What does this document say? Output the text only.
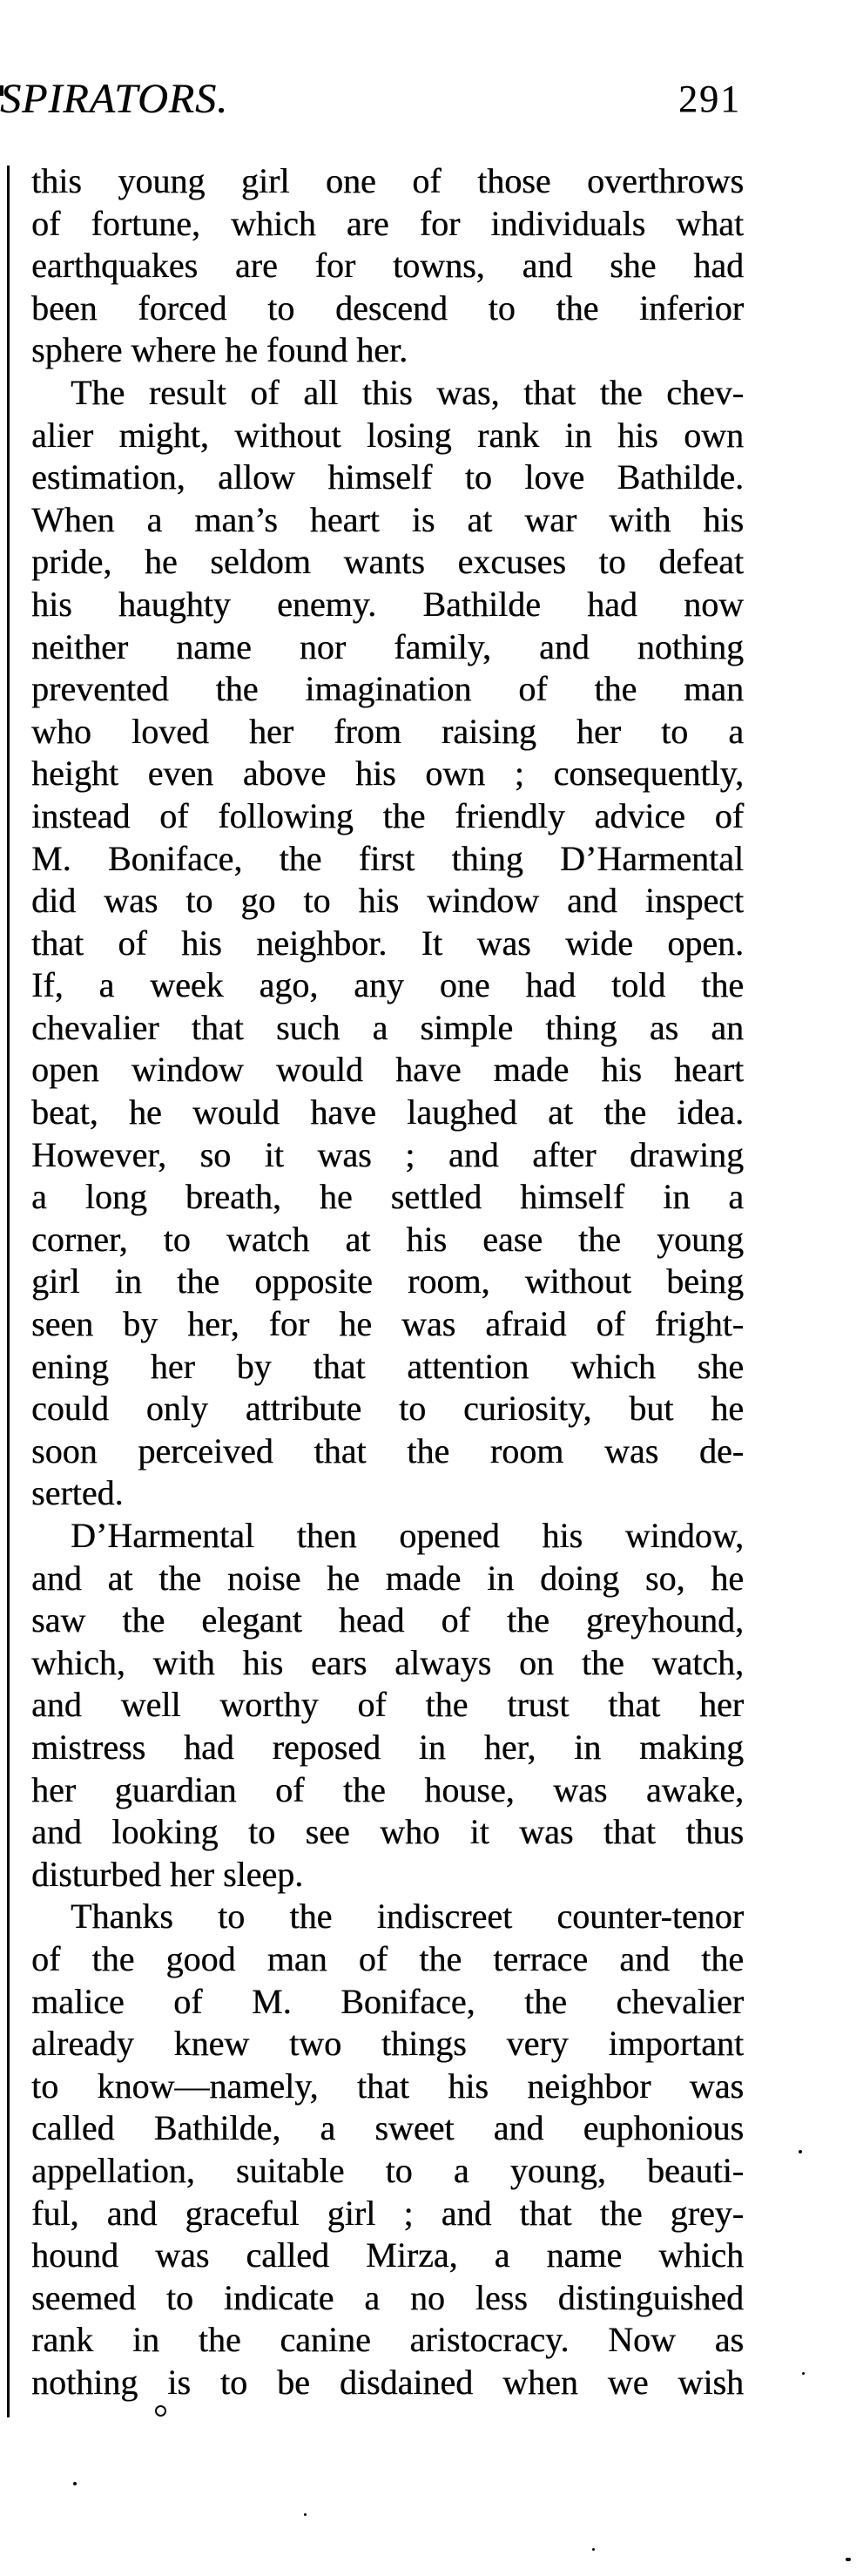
SPIRATORS.	291
this young girl one of those overthrows
of fortune, which are for individuals what
earthquakes are for towns, and she had
been forced to descend to the inferior
sphere where he found her.
The result of all this was, that the chev-
alier might, without losing rank in his own
estimation, allow himself to love Bathilde.
When a man’s heart is at war with his
pride, he seldom wants excuses to defeat
his haughty enemy. Bathilde had now
neither name nor family, and nothing
prevented the imagination of the man
who loved her from raising her to a
height even above his own ; consequently,
instead of following the friendly advice of
M. Boniface, the first thing D’Harmental
did was to go to his window and inspect
that of his neighbor. It was wide open.
If, a week ago, any one had told the
chevalier that such a simple thing as an
open window would have made his heart
beat, he would have laughed at the idea.
However, so it was ; and after drawing
a long breath, he settled himself in a
corner, to watch at his ease the young
girl in the opposite room, without being
seen by her, for he was afraid of fright-
ening her by that attention which she
could only attribute to curiosity, but he
soon perceived that the room was de-
serted.
D’Harmental then opened his window,
and at the noise he made in doing so, he
saw the elegant head of the greyhound,
which, with his ears always on the watch,
and well worthy of the trust that her
mistress had reposed in her, in making
her guardian of the house, was awake,
and looking to see who it was that thus
disturbed her sleep.
Thanks to the indiscreet counter-tenor
of the good man of the terrace and the
malice of M. Boniface, the chevalier
already knew two things very important
to know—namely, that his neighbor was
called Bathilde, a sweet and euphonious
appellation, suitable to a young, beauti-
ful, and graceful girl ; and that the grey-
hound was called Mirza, a name which
seemed to indicate a no less distinguished
rank in the canine aristocracy. Now as
nothing is to be disdained when we wish
